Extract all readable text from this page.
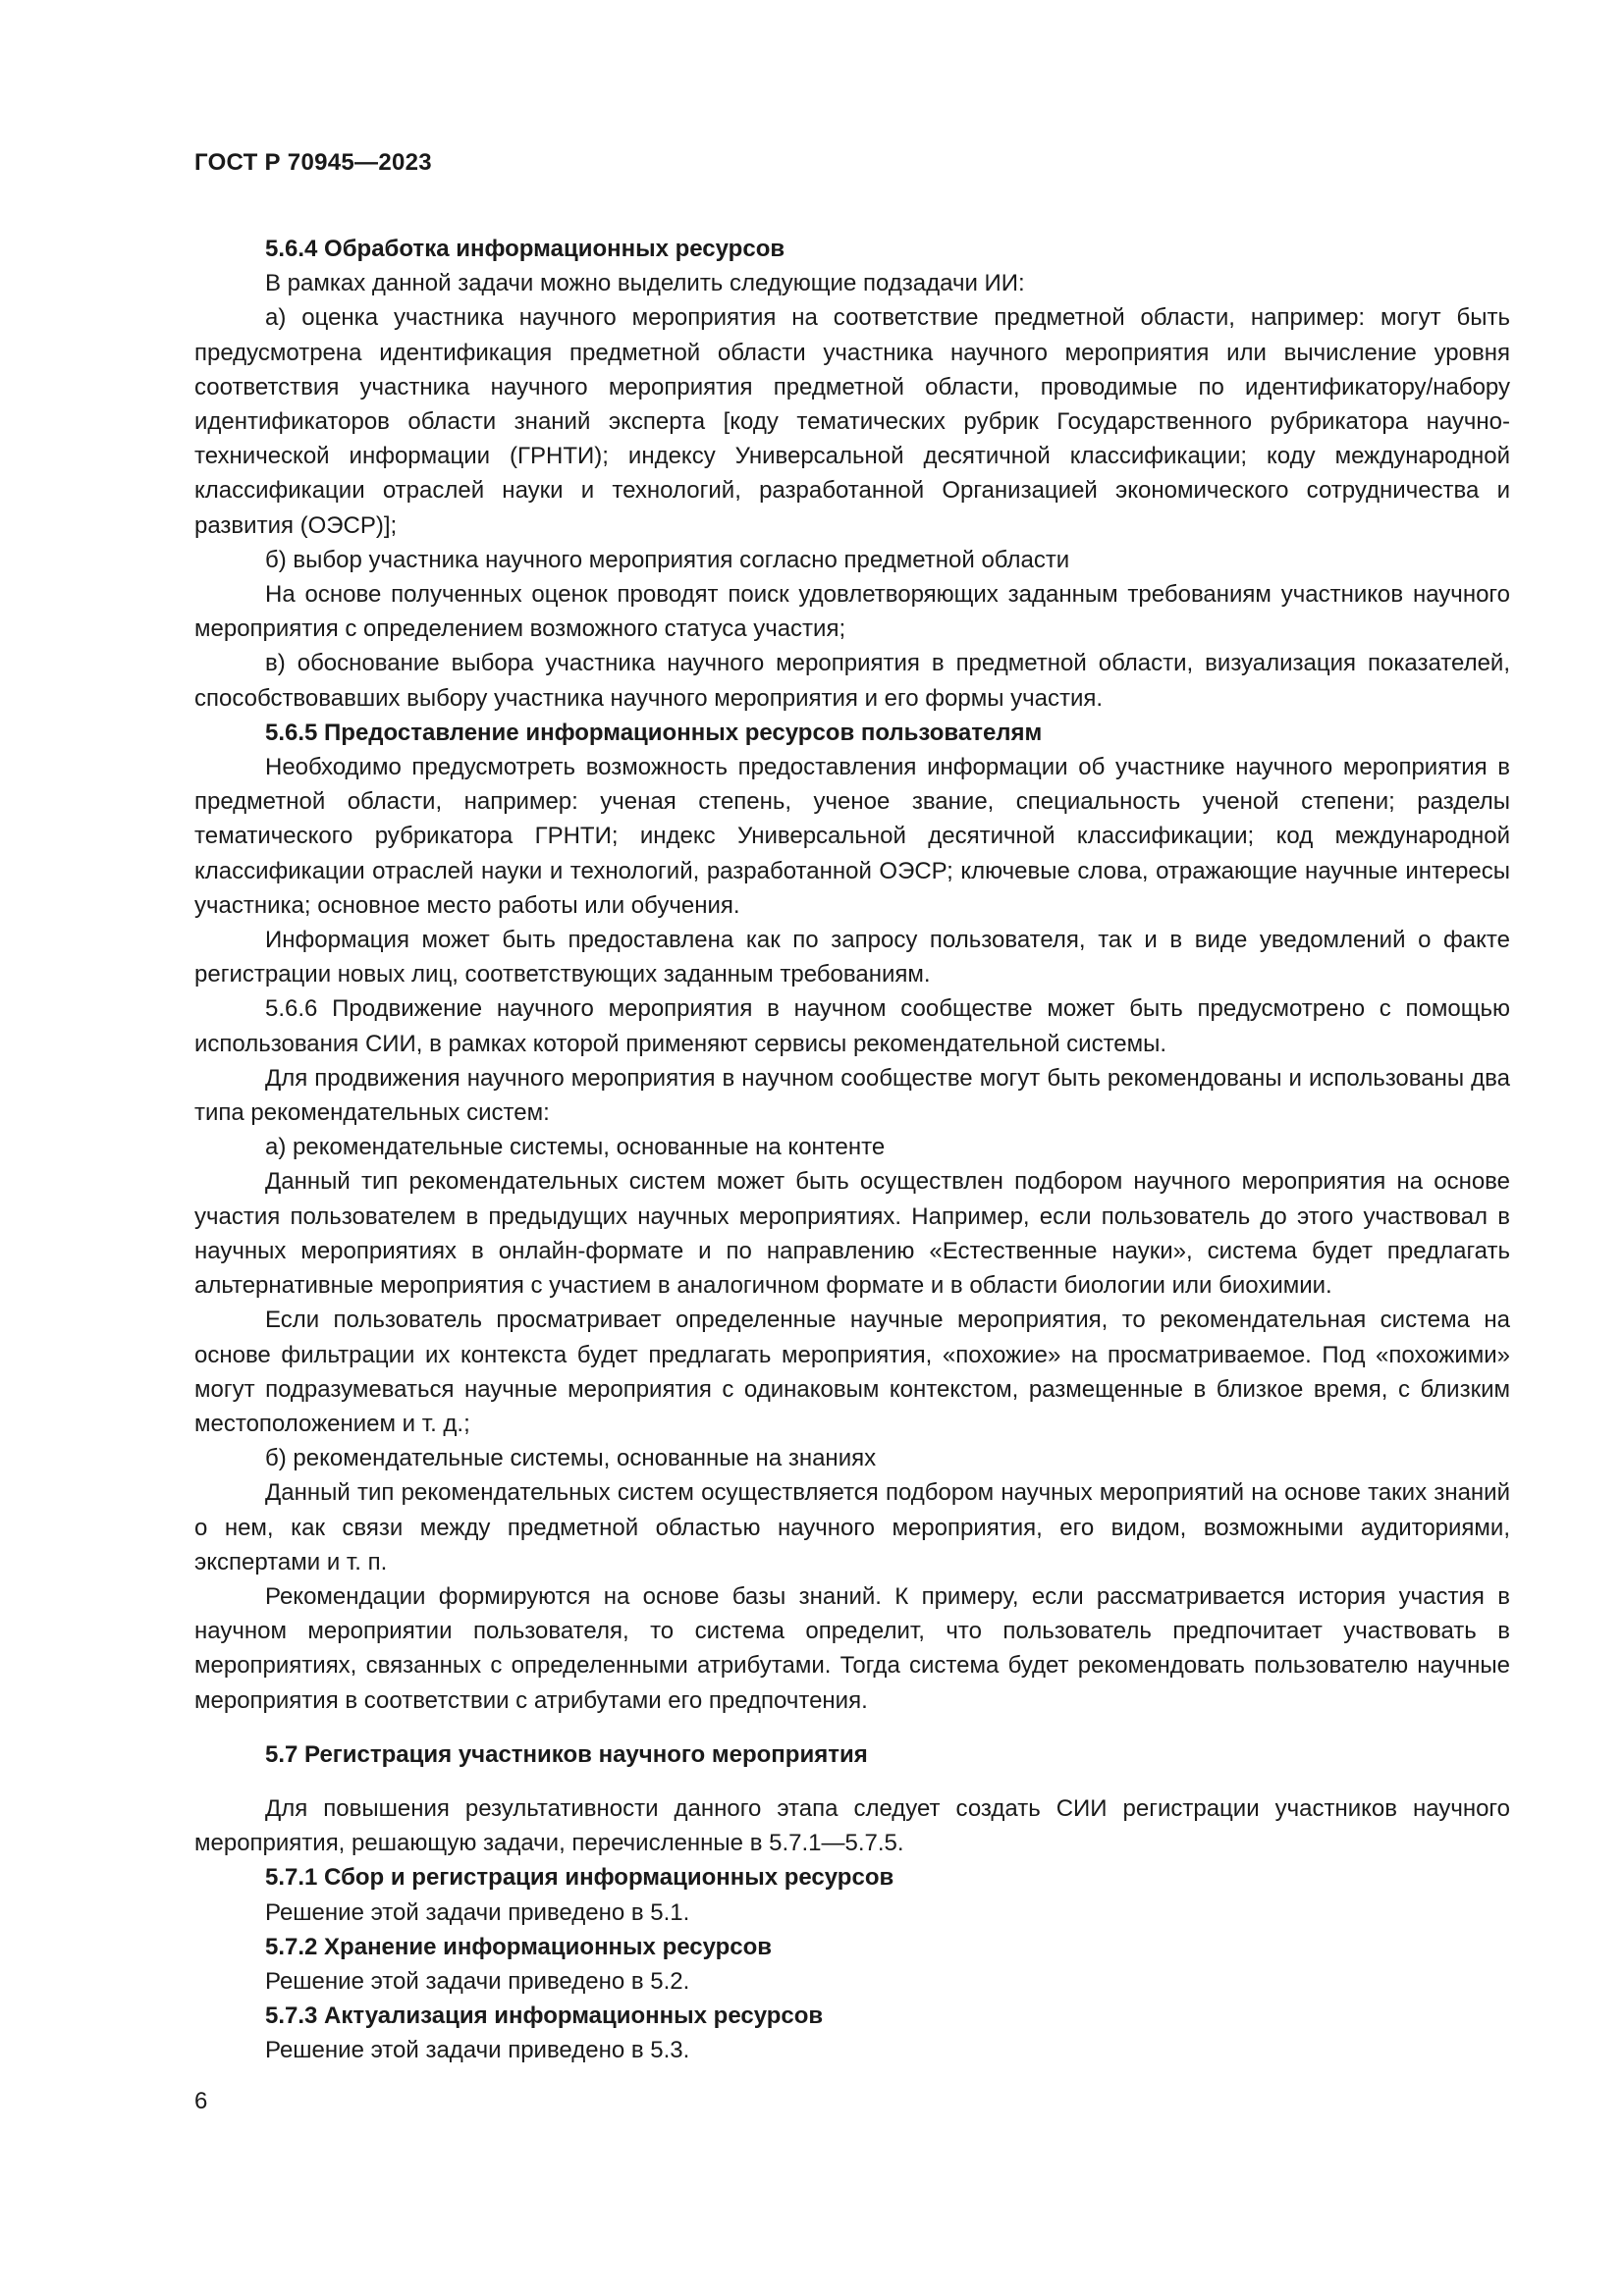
ГОСТ Р 70945—2023

5.6.4 Обработка информационных ресурсов

В рамках данной задачи можно выделить следующие подзадачи ИИ:

а) оценка участника научного мероприятия на соответствие предметной области, например: могут быть предусмотрена идентификация предметной области участника научного мероприятия или вычисление уровня соответствия участника научного мероприятия предметной области, проводимые по идентификатору/набору идентификаторов области знаний эксперта [коду тематических рубрик Государственного рубрикатора научно-технической информации (ГРНТИ); индексу Универсальной десятичной классификации; коду международной классификации отраслей науки и технологий, разработанной Организацией экономического сотрудничества и развития (ОЭСР)];

б) выбор участника научного мероприятия согласно предметной области

На основе полученных оценок проводят поиск удовлетворяющих заданным требованиям участников научного мероприятия с определением возможного статуса участия;

в) обоснование выбора участника научного мероприятия в предметной области, визуализация показателей, способствовавших выбору участника научного мероприятия и его формы участия.

5.6.5 Предоставление информационных ресурсов пользователям

Необходимо предусмотреть возможность предоставления информации об участнике научного мероприятия в предметной области, например: ученая степень, ученое звание, специальность ученой степени; разделы тематического рубрикатора ГРНТИ; индекс Универсальной десятичной классификации; код международной классификации отраслей науки и технологий, разработанной ОЭСР; ключевые слова, отражающие научные интересы участника; основное место работы или обучения.

Информация может быть предоставлена как по запросу пользователя, так и в виде уведомлений о факте регистрации новых лиц, соответствующих заданным требованиям.

5.6.6 Продвижение научного мероприятия в научном сообществе может быть предусмотрено с помощью использования СИИ, в рамках которой применяют сервисы рекомендательной системы.

Для продвижения научного мероприятия в научном сообществе могут быть рекомендованы и использованы два типа рекомендательных систем:

а) рекомендательные системы, основанные на контенте

Данный тип рекомендательных систем может быть осуществлен подбором научного мероприятия на основе участия пользователем в предыдущих научных мероприятиях. Например, если пользователь до этого участвовал в научных мероприятиях в онлайн-формате и по направлению «Естественные науки», система будет предлагать альтернативные мероприятия с участием в аналогичном формате и в области биологии или биохимии.

Если пользователь просматривает определенные научные мероприятия, то рекомендательная система на основе фильтрации их контекста будет предлагать мероприятия, «похожие» на просматриваемое. Под «похожими» могут подразумеваться научные мероприятия с одинаковым контекстом, размещенные в близкое время, с близким местоположением и т. д.;

б) рекомендательные системы, основанные на знаниях

Данный тип рекомендательных систем осуществляется подбором научных мероприятий на основе таких знаний о нем, как связи между предметной областью научного мероприятия, его видом, возможными аудиториями, экспертами и т. п.

Рекомендации формируются на основе базы знаний. К примеру, если рассматривается история участия в научном мероприятии пользователя, то система определит, что пользователь предпочитает участвовать в мероприятиях, связанных с определенными атрибутами. Тогда система будет рекомендовать пользователю научные мероприятия в соответствии с атрибутами его предпочтения.

5.7 Регистрация участников научного мероприятия

Для повышения результативности данного этапа следует создать СИИ регистрации участников научного мероприятия, решающую задачи, перечисленные в 5.7.1—5.7.5.

5.7.1 Сбор и регистрация информационных ресурсов

Решение этой задачи приведено в 5.1.

5.7.2 Хранение информационных ресурсов

Решение этой задачи приведено в 5.2.

5.7.3 Актуализация информационных ресурсов

Решение этой задачи приведено в 5.3.

6
